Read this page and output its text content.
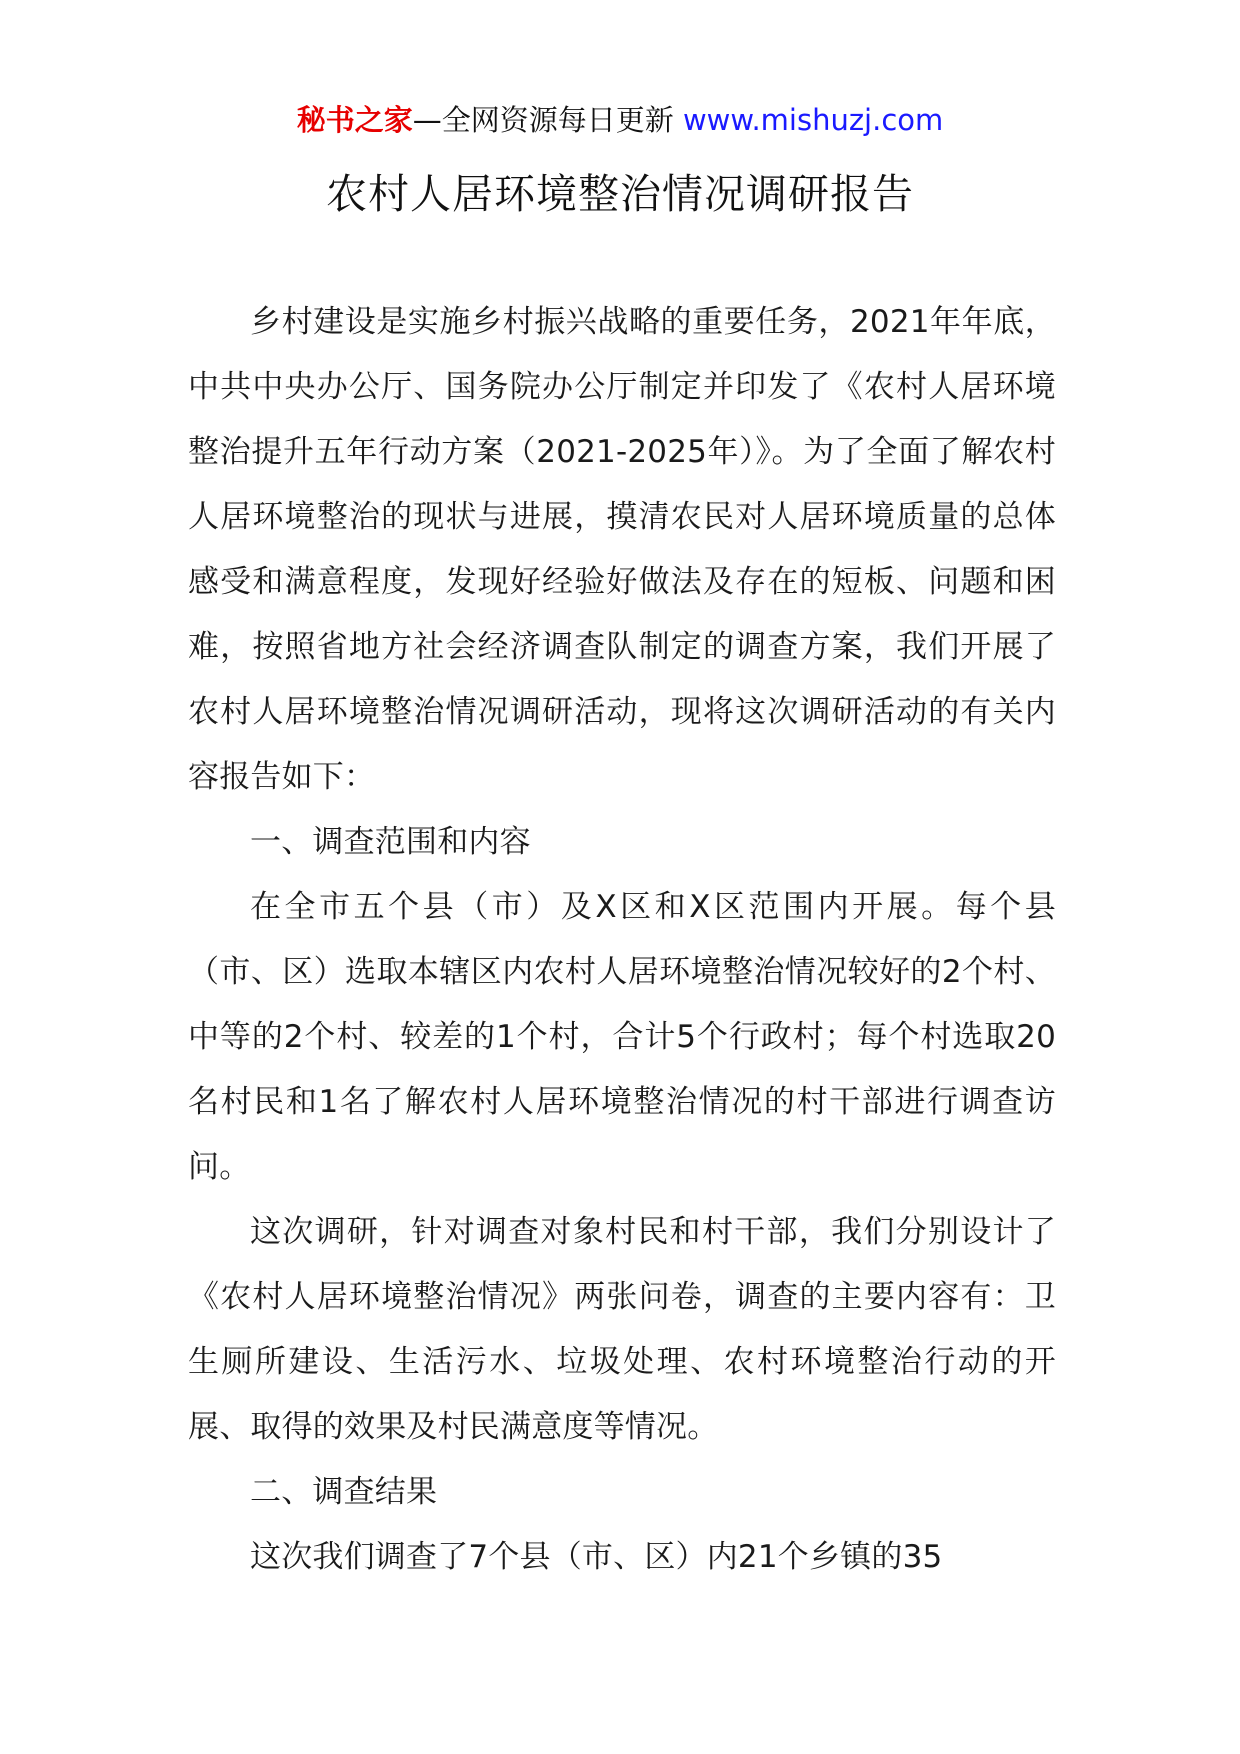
秘书之家—全网资源每日更新 www.mishuzj.com
农村人居环境整治情况调研报告

乡村建设是实施乡村振兴战略的重要任务，2021年年底，中共中央办公厅、国务院办公厅制定并印发了《农村人居环境整治提升五年行动方案（2021-2025年）》。为了全面了解农村人居环境整治的现状与进展，摸清农民对人居环境质量的总体感受和满意程度，发现好经验好做法及存在的短板、问题和困难，按照省地方社会经济调查队制定的调查方案，我们开展了农村人居环境整治情况调研活动，现将这次调研活动的有关内容报告如下：

一、调查范围和内容

在全市五个县（市）及X区和X区范围内开展。每个县（市、区）选取本辖区内农村人居环境整治情况较好的2个村、中等的2个村、较差的1个村，合计5个行政村；每个村选取20名村民和1名了解农村人居环境整治情况的村干部进行调查访问。

这次调研，针对调查对象村民和村干部，我们分别设计了《农村人居环境整治情况》两张问卷，调查的主要内容有：卫生厕所建设、生活污水、垃圾处理、农村环境整治行动的开展、取得的效果及村民满意度等情况。

二、调查结果

这次我们调查了7个县（市、区）内21个乡镇的35
